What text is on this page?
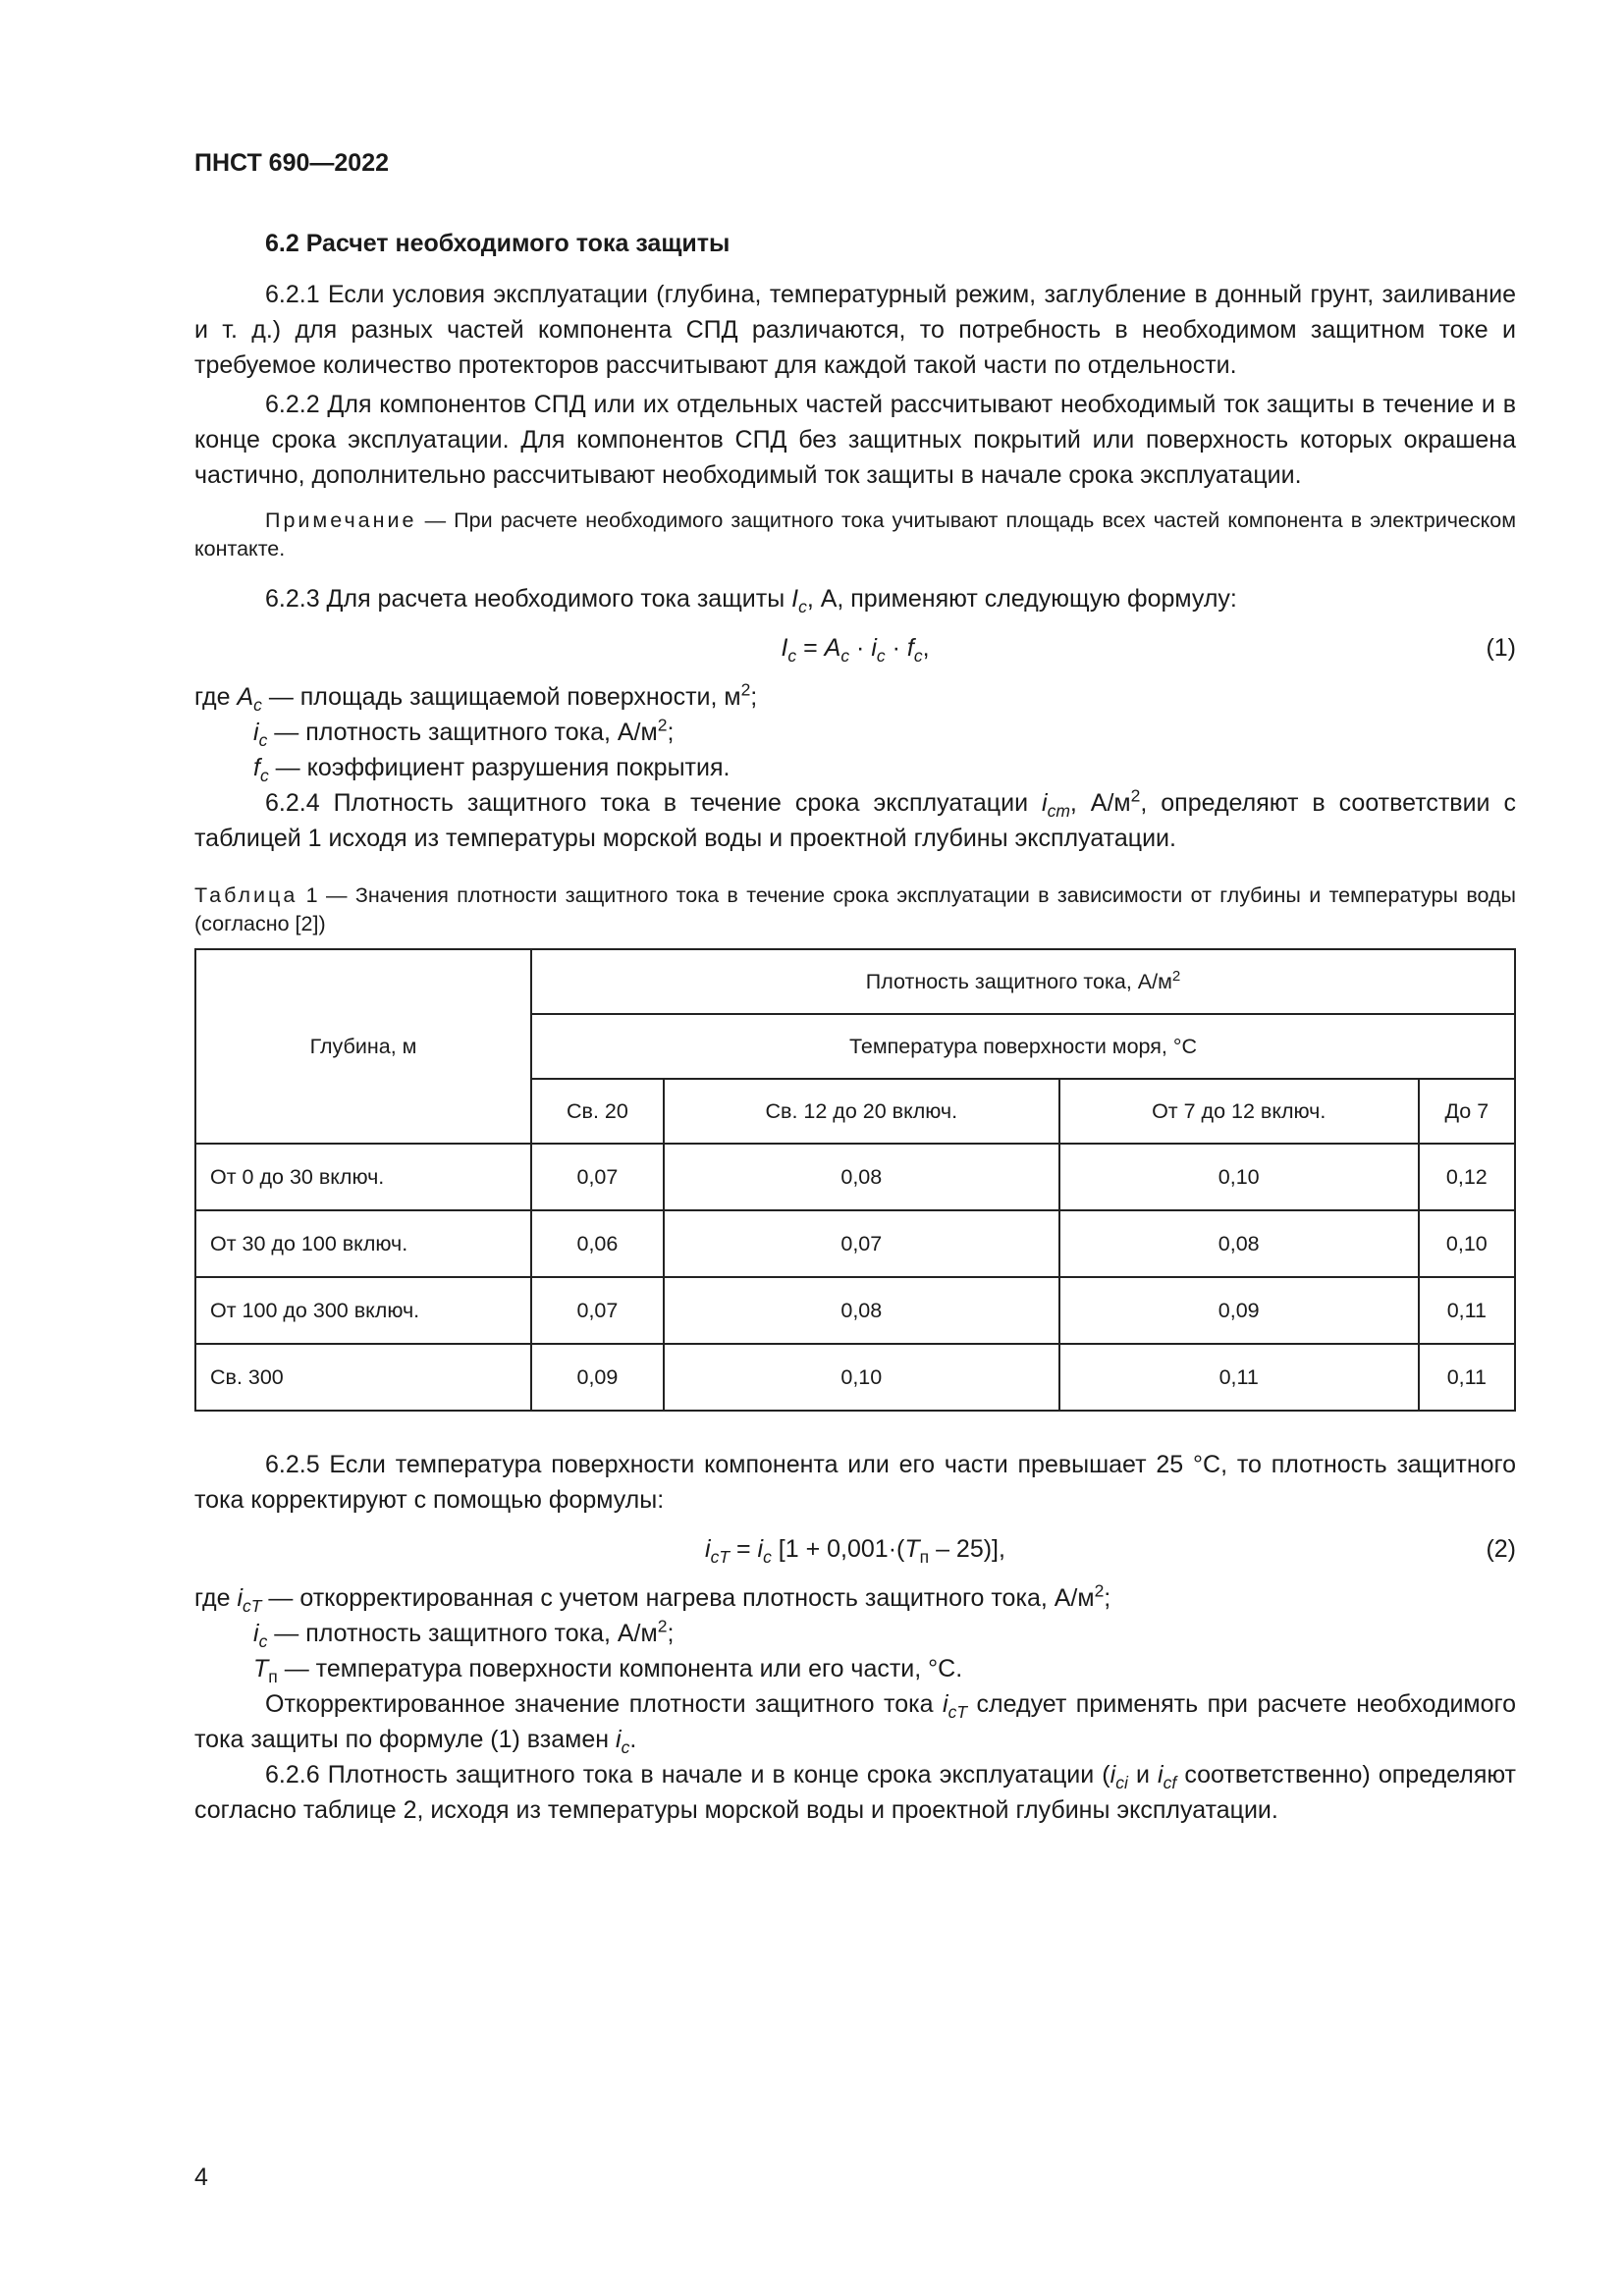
ПНСТ 690—2022
6.2 Расчет необходимого тока защиты

6.2.1 Если условия эксплуатации (глубина, температурный режим, заглубление в донный грунт, заиливание и т. д.) для разных частей компонента СПД различаются, то потребность в необходимом защитном токе и требуемое количество протекторов рассчитывают для каждой такой части по отдельности.

6.2.2 Для компонентов СПД или их отдельных частей рассчитывают необходимый ток защиты в течение и в конце срока эксплуатации. Для компонентов СПД без защитных покрытий или поверхность которых окрашена частично, дополнительно рассчитывают необходимый ток защиты в начале срока эксплуатации.

Примечание — При расчете необходимого защитного тока учитывают площадь всех частей компонента в электрическом контакте.

6.2.3 Для расчета необходимого тока защиты $I_c$, А, применяют следующую формулу:

$I_c = A_c \cdot i_c \cdot f_c$,	(1)
где $A_c$ — площадь защищаемой поверхности, $м^2$;
$i_c$ — плотность защитного тока, $А/м^2$;
$f_c$ — коэффициент разрушения покрытия.

6.2.4 Плотность защитного тока в течение срока эксплуатации $i_{cm}$, $А/м^2$, определяют в соответствии с таблицей 1 исходя из температуры морской воды и проектной глубины эксплуатации.

Таблица 1 — Значения плотности защитного тока в течение срока эксплуатации в зависимости от глубины и температуры воды (согласно [2])
Глубина, м	Плотность защитного тока, $А/м^2$
	Температура поверхности моря, °С			
	Св. 20	Св. 12 до 20 включ.	От 7 до 12 включ.	До 7
От 0 до 30 включ.	0,07	0,08	0,10	0,12
От 30 до 100 включ.	0,06	0,07	0,08	0,10
От 100 до 300 включ.	0,07	0,08	0,09	0,11
Св. 300	0,09	0,10	0,11	0,11

6.2.5 Если температура поверхности компонента или его части превышает 25 °С, то плотность защитного тока корректируют с помощью формулы:

$i_{cT} = i_c$ $[1 + 0,001\cdot(T_п - 25)]$,	(2)
где $i_{cT}$ — откорректированная с учетом нагрева плотность защитного тока, $А/м^2$;
$i_c$ — плотность защитного тока, $А/м^2$;
$T_п$ — температура поверхности компонента или его части, °С.

Откорректированное значение плотности защитного тока $i_{cT}$ следует применять при расчете необходимого тока защиты по формуле (1) взамен $i_c$.

6.2.6 Плотность защитного тока в начале и в конце срока эксплуатации ($i_{ci}$ и $i_{cf}$ соответственно) определяют согласно таблице 2, исходя из температуры морской воды и проектной глубины эксплуатации.

4
